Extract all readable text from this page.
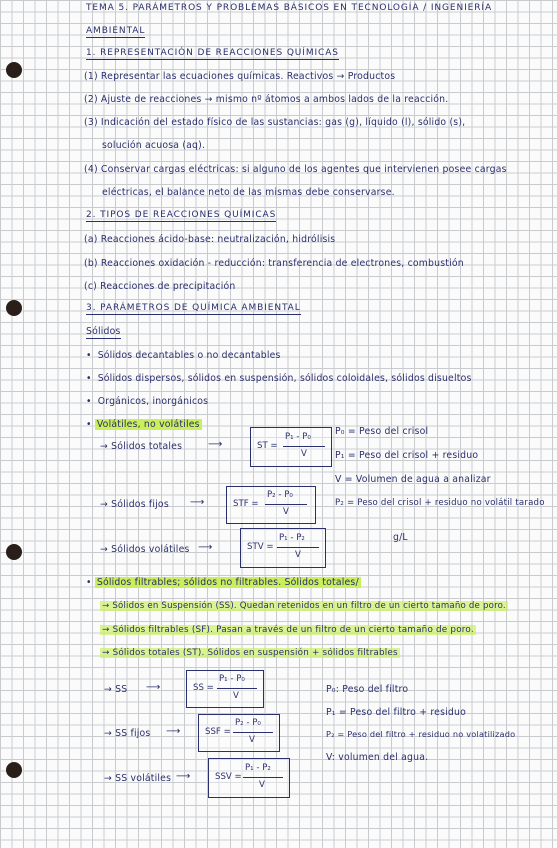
TEMA 5. PARÁMETROS Y PROBLEMAS BÁSICOS EN TECNOLOGÍA / INGENIERÍA
AMBIENTAL
1. REPRESENTACIÓN DE REACCIONES QUÍMICAS
(1) Representar las ecuaciones químicas. Reactivos → Productos
(2) Ajuste de reacciones → mismo nº átomos a ambos lados de la reacción.
(3) Indicación del estado físico de las sustancias: gas (g), líquido (l), sólido (s),
solución acuosa (aq).
(4) Conservar cargas eléctricas: si alguno de los agentes que intervienen posee cargas
eléctricas, el balance neto de las mismas debe conservarse.
2. TIPOS DE REACCIONES QUÍMICAS
(a) Reacciones ácido-base: neutralización, hidrólisis
(b) Reacciones oxidación - reducción: transferencia de electrones, combustión
(c) Reacciones de precipitación
3. PARÁMETROS DE QUÍMICA AMBIENTAL
Sólidos
• Sólidos decantables o no decantables
• Sólidos dispersos, sólidos en suspensión, sólidos coloidales, sólidos disueltos
• Orgánicos, inorgánicos
• Volátiles, no volátiles
→ Sólidos totales	⟶	ST =
P₁ - P₀
V
P₀ = Peso del crisol
P₁ = Peso del crisol + residuo
V = Volumen de agua a analizar
P₂ = Peso del crisol + residuo no volátil tarado
→ Sólidos fijos ⟶	STF =
P₂ - P₀
V
→ Sólidos volátiles ⟶	STV =
P₁ - P₂
V
g/L
• Sólidos filtrables; sólidos no filtrables. Sólidos totales/
→ Sólidos en Suspensión (SS). Quedan retenidos en un filtro de un cierto tamaño de poro.
→ Sólidos filtrables (SF). Pasan a través de un filtro de un cierto tamaño de poro.
→ Sólidos totales (ST). Sólidos en suspensión + sólidos filtrables
→ SS ⟶	SS =
P₁ - P₀
V
P₀: Peso del filtro
P₁ = Peso del filtro + residuo
P₂ = Peso del filtro + residuo no volatilizado
V: volumen del agua.
→ SS fijos ⟶	SSF =
P₂ - P₀
V
→ SS volátiles ⟶	SSV =
P₁ - P₂
V
